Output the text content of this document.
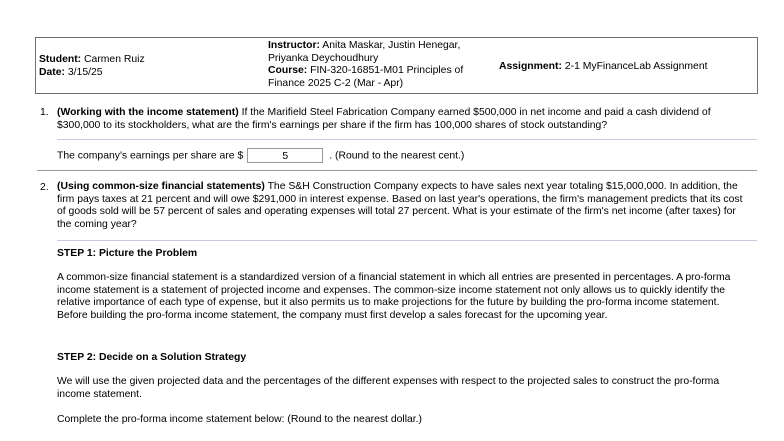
Student: Carmen Ruiz
Date: 3/15/25
Instructor: Anita Maskar, Justin Henegar, Priyanka Deychoudhury
Course: FIN-320-16851-M01 Principles of Finance 2025 C-2 (Mar - Apr)
Assignment: 2-1 MyFinanceLab Assignment
1. (Working with the income statement) If the Marifield Steel Fabrication Company earned $500,000 in net income and paid a cash dividend of $300,000 to its stockholders, what are the firm's earnings per share if the firm has 100,000 shares of stock outstanding?
The company's earnings per share are $	5	. (Round to the nearest cent.)
2. (Using common-size financial statements) The S&H Construction Company expects to have sales next year totaling $15,000,000. In addition, the firm pays taxes at 21 percent and will owe $291,000 in interest expense. Based on last year's operations, the firm's management predicts that its cost of goods sold will be 57 percent of sales and operating expenses will total 27 percent. What is your estimate of the firm's net income (after taxes) for the coming year?
STEP 1: Picture the Problem
A common-size financial statement is a standardized version of a financial statement in which all entries are presented in percentages. A pro-forma income statement is a statement of projected income and expenses. The common-size income statement not only allows us to quickly identify the relative importance of each type of expense, but it also permits us to make projections for the future by building the pro-forma income statement. Before building the pro-forma income statement, the company must first develop a sales forecast for the upcoming year.
STEP 2: Decide on a Solution Strategy
We will use the given projected data and the percentages of the different expenses with respect to the projected sales to construct the pro-forma income statement.
Complete the pro-forma income statement below: (Round to the nearest dollar.)
